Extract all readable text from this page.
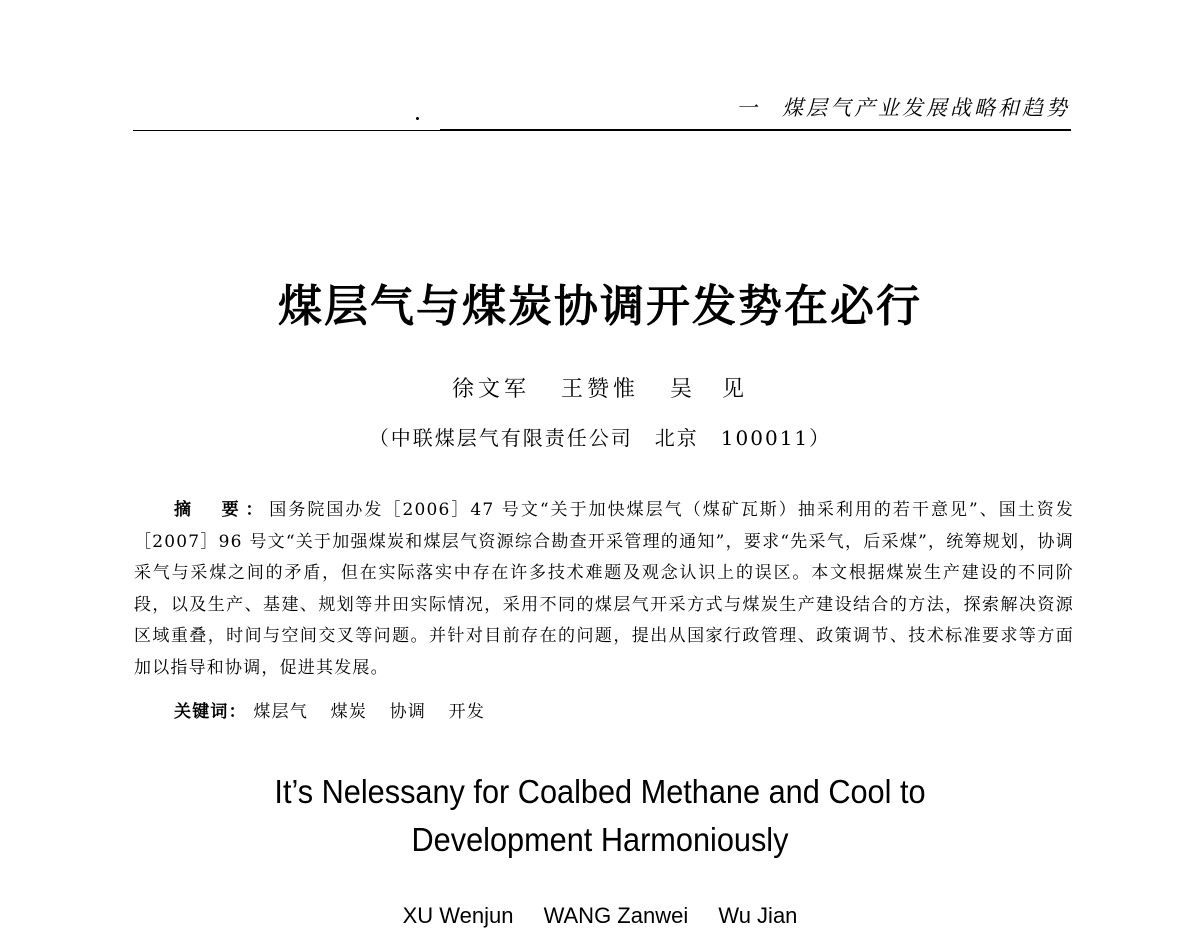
一 煤层气产业发展战略和趋势
煤层气与煤炭协调开发势在必行
徐文军 王赞惟 吴　见
（中联煤层气有限责任公司　北京　100011）
摘　要：国务院国办发［2006］47 号文“关于加快煤层气（煤矿瓦斯）抽采利用的若干意见”、国土资发［2007］96 号文“关于加强煤炭和煤层气资源综合勘查开采管理的通知”，要求“先采气，后采煤”，统筹规划，协调采气与采煤之间的矛盾，但在实际落实中存在许多技术难题及观念认识上的误区。本文根据煤炭生产建设的不同阶段，以及生产、基建、规划等井田实际情况，采用不同的煤层气开采方式与煤炭生产建设结合的方法，探索解决资源区域重叠，时间与空间交叉等问题。并针对目前存在的问题，提出从国家行政管理、政策调节、技术标准要求等方面加以指导和协调，促进其发展。
关键词： 煤层气 煤炭 协调 开发
It’s Nelessany for Coalbed Methane and Cool to
Development Harmoniously
XU Wenjun WANG Zanwei Wu Jian
